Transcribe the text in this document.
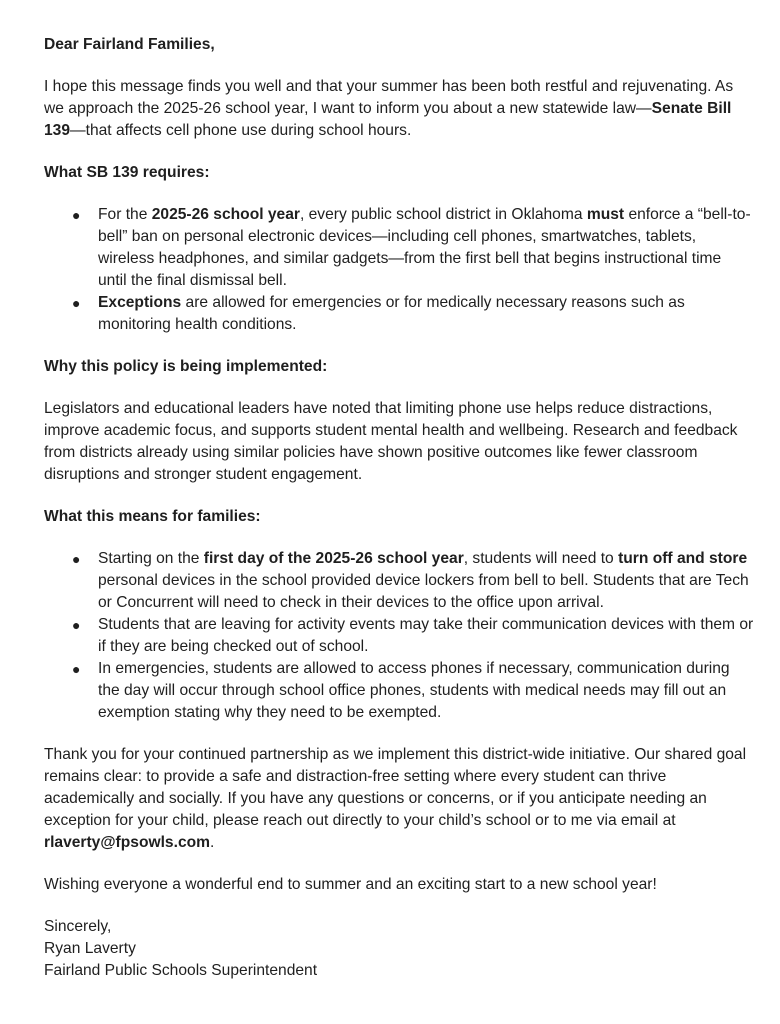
Dear Fairland Families,

I hope this message finds you well and that your summer has been both restful and rejuvenating. As we approach the 2025-26 school year, I want to inform you about a new statewide law—Senate Bill 139—that affects cell phone use during school hours.

What SB 139 requires:

● For the 2025-26 school year, every public school district in Oklahoma must enforce a “bell-to-bell” ban on personal electronic devices—including cell phones, smartwatches, tablets, wireless headphones, and similar gadgets—from the first bell that begins instructional time until the final dismissal bell.
● Exceptions are allowed for emergencies or for medically necessary reasons such as monitoring health conditions.

Why this policy is being implemented:

Legislators and educational leaders have noted that limiting phone use helps reduce distractions, improve academic focus, and supports student mental health and wellbeing. Research and feedback from districts already using similar policies have shown positive outcomes like fewer classroom disruptions and stronger student engagement.

What this means for families:

● Starting on the first day of the 2025-26 school year, students will need to turn off and store personal devices in the school provided device lockers from bell to bell. Students that are Tech or Concurrent will need to check in their devices to the office upon arrival.
● Students that are leaving for activity events may take their communication devices with them or if they are being checked out of school.
● In emergencies, students are allowed to access phones if necessary, communication during the day will occur through school office phones, students with medical needs may fill out an exemption stating why they need to be exempted.

Thank you for your continued partnership as we implement this district-wide initiative. Our shared goal remains clear: to provide a safe and distraction-free setting where every student can thrive academically and socially. If you have any questions or concerns, or if you anticipate needing an exception for your child, please reach out directly to your child’s school or to me via email at rlaverty@fpsowls.com.

Wishing everyone a wonderful end to summer and an exciting start to a new school year!

Sincerely,

Ryan Laverty

Fairland Public Schools Superintendent
